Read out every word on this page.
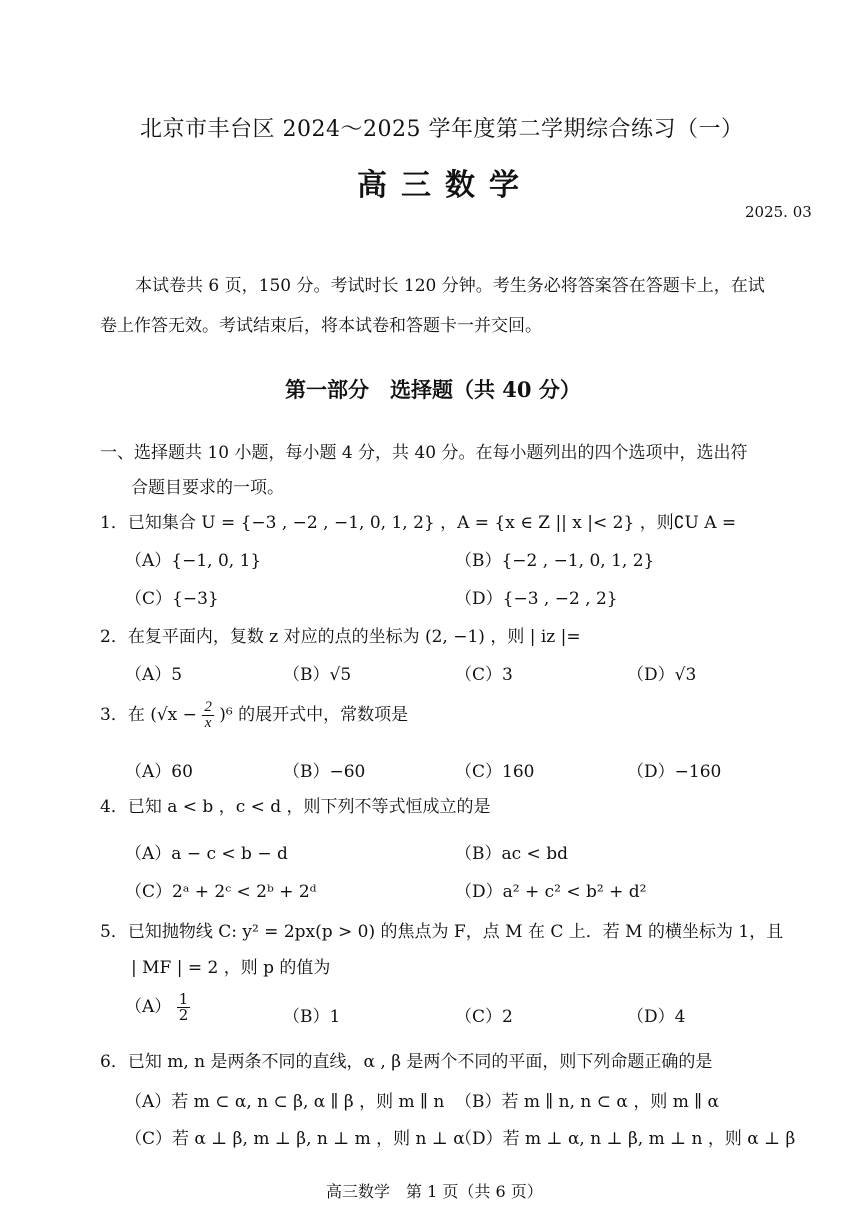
北京市丰台区 2024～2025 学年度第二学期综合练习（一）
高三数学
2025. 03
本试卷共 6 页，150 分。考试时长 120 分钟。考生务必将答案答在答题卡上，在试
卷上作答无效。考试结束后，将本试卷和答题卡一并交回。
第一部分　选择题（共 40 分）
一、选择题共 10 小题，每小题 4 分，共 40 分。在每小题列出的四个选项中，选出符
合题目要求的一项。
1．已知集合 U = {−3 , −2 , −1, 0, 1, 2} ，A = {x ∈ Z || x |< 2} ，则∁U A =
（A）{−1, 0, 1}	（B）{−2 , −1, 0, 1, 2}
（C）{−3}	（D）{−3 , −2 , 2}
2．在复平面内，复数 z 对应的点的坐标为 (2, −1) ，则 | iz |=
（A）5	（B）√5	（C）3	（D）√3
3．在 $(√x - \frac{2}{x} )^6$ 的展开式中，常数项是
（A）60	（B）−60	（C）160	（D）−160
4．已知 a < b ，c < d ，则下列不等式恒成立的是
（A）a − c < b − d	（B）ac < bd
（C）2ᵃ + 2ᶜ < 2ᵇ + 2ᵈ	（D）a² + c² < b² + d²
5．已知抛物线 C: y² = 2px(p > 0) 的焦点为 F，点 M 在 C 上．若 M 的横坐标为 1，且
| MF | = 2 ，则 p 的值为
$(A) \frac{1}{2}$	（B）1	（C）2	（D）4
6．已知 m, n 是两条不同的直线，α , β 是两个不同的平面，则下列命题正确的是
（A）若 m ⊂ α, n ⊂ β, α ∥ β ，则 m ∥ n （B）若 m ∥ n, n ⊂ α ，则 m ∥ α
（C）若 α ⊥ β, m ⊥ β, n ⊥ m ，则 n ⊥ α
（D）若 m ⊥ α, n ⊥ β, m ⊥ n ，则 α ⊥ β
高三数学　第 1 页（共 6 页）
